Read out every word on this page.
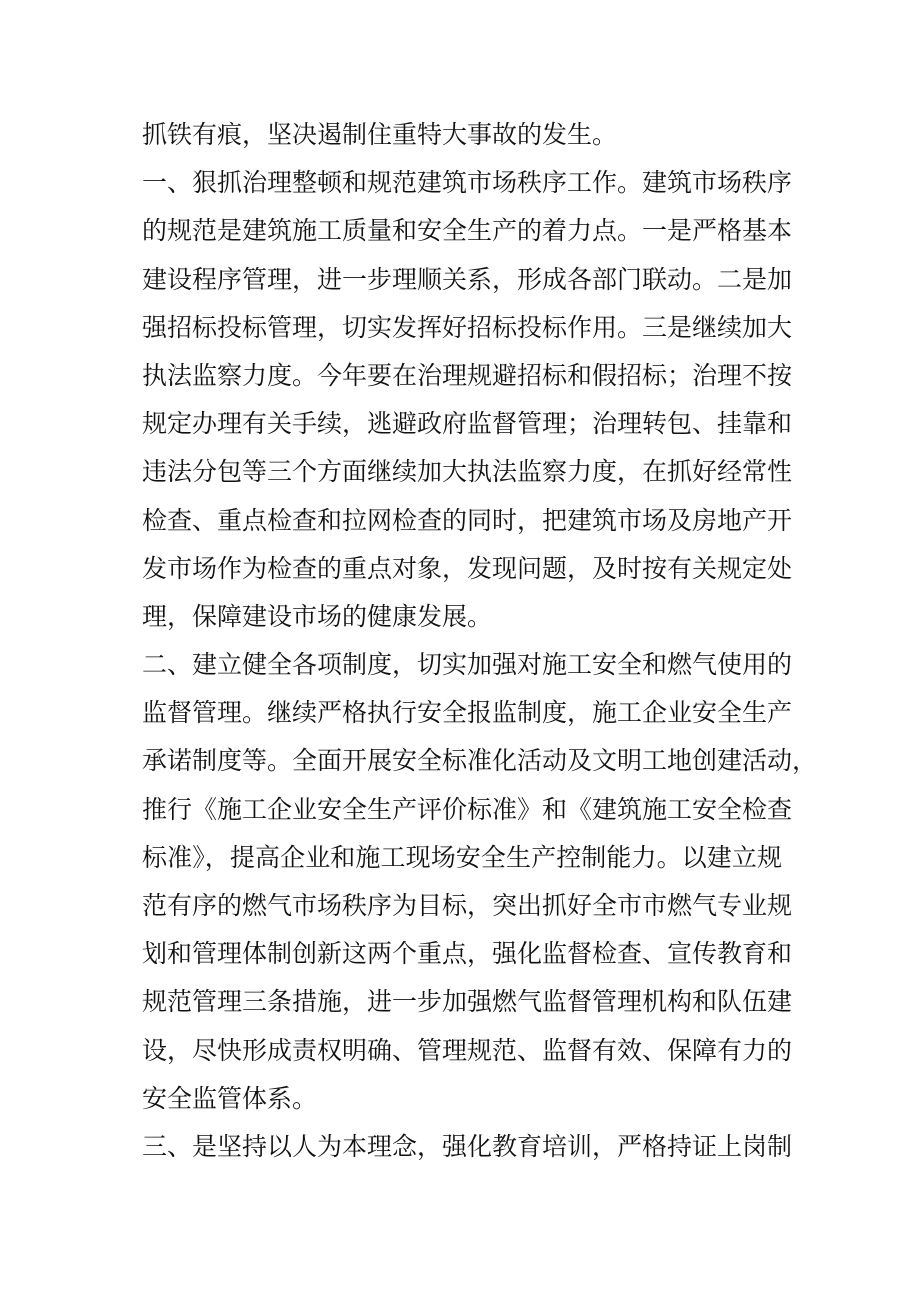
抓铁有痕，坚决遏制住重特大事故的发生。
一、狠抓治理整顿和规范建筑市场秩序工作。建筑市场秩序
的规范是建筑施工质量和安全生产的着力点。一是严格基本
建设程序管理，进一步理顺关系，形成各部门联动。二是加
强招标投标管理，切实发挥好招标投标作用。三是继续加大
执法监察力度。今年要在治理规避招标和假招标；治理不按
规定办理有关手续，逃避政府监督管理；治理转包、挂靠和
违法分包等三个方面继续加大执法监察力度，在抓好经常性
检查、重点检查和拉网检查的同时，把建筑市场及房地产开
发市场作为检查的重点对象，发现问题，及时按有关规定处
理，保障建设市场的健康发展。
二、建立健全各项制度，切实加强对施工安全和燃气使用的
监督管理。继续严格执行安全报监制度，施工企业安全生产
承诺制度等。全面开展安全标准化活动及文明工地创建活动，
推行《施工企业安全生产评价标准》和《建筑施工安全检查
标准》，提高企业和施工现场安全生产控制能力。以建立规
范有序的燃气市场秩序为目标，突出抓好全市市燃气专业规
划和管理体制创新这两个重点，强化监督检查、宣传教育和
规范管理三条措施，进一步加强燃气监督管理机构和队伍建
设，尽快形成责权明确、管理规范、监督有效、保障有力的
安全监管体系。
三、是坚持以人为本理念，强化教育培训，严格持证上岗制
